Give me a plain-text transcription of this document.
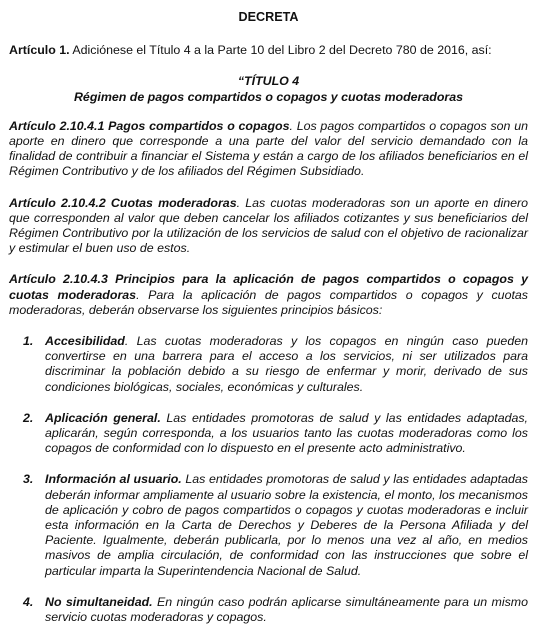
DECRETA

Artículo 1. Adiciónese el Título 4 a la Parte 10 del Libro 2 del Decreto 780 de 2016, así:

“TÍTULO 4
Régimen de pagos compartidos o copagos y cuotas moderadoras

Artículo 2.10.4.1 Pagos compartidos o copagos. Los pagos compartidos o copagos son un aporte en dinero que corresponde a una parte del valor del servicio demandado con la finalidad de contribuir a financiar el Sistema y están a cargo de los afiliados beneficiarios en el Régimen Contributivo y de los afiliados del Régimen Subsidiado.

Artículo 2.10.4.2 Cuotas moderadoras. Las cuotas moderadoras son un aporte en dinero que corresponden al valor que deben cancelar los afiliados cotizantes y sus beneficiarios del Régimen Contributivo por la utilización de los servicios de salud con el objetivo de racionalizar y estimular el buen uso de estos.

Artículo 2.10.4.3 Principios para la aplicación de pagos compartidos o copagos y cuotas moderadoras. Para la aplicación de pagos compartidos o copagos y cuotas moderadoras, deberán observarse los siguientes principios básicos:

1. Accesibilidad. Las cuotas moderadoras y los copagos en ningún caso pueden convertirse en una barrera para el acceso a los servicios, ni ser utilizados para discriminar la población debido a su riesgo de enfermar y morir, derivado de sus condiciones biológicas, sociales, económicas y culturales.
2. Aplicación general. Las entidades promotoras de salud y las entidades adaptadas, aplicarán, según corresponda, a los usuarios tanto las cuotas moderadoras como los copagos de conformidad con lo dispuesto en el presente acto administrativo.
3. Información al usuario. Las entidades promotoras de salud y las entidades adaptadas deberán informar ampliamente al usuario sobre la existencia, el monto, los mecanismos de aplicación y cobro de pagos compartidos o copagos y cuotas moderadoras e incluir esta información en la Carta de Derechos y Deberes de la Persona Afiliada y del Paciente. Igualmente, deberán publicarla, por lo menos una vez al año, en medios masivos de amplia circulación, de conformidad con las instrucciones que sobre el particular imparta la Superintendencia Nacional de Salud.
4. No simultaneidad. En ningún caso podrán aplicarse simultáneamente para un mismo servicio cuotas moderadoras y copagos.
